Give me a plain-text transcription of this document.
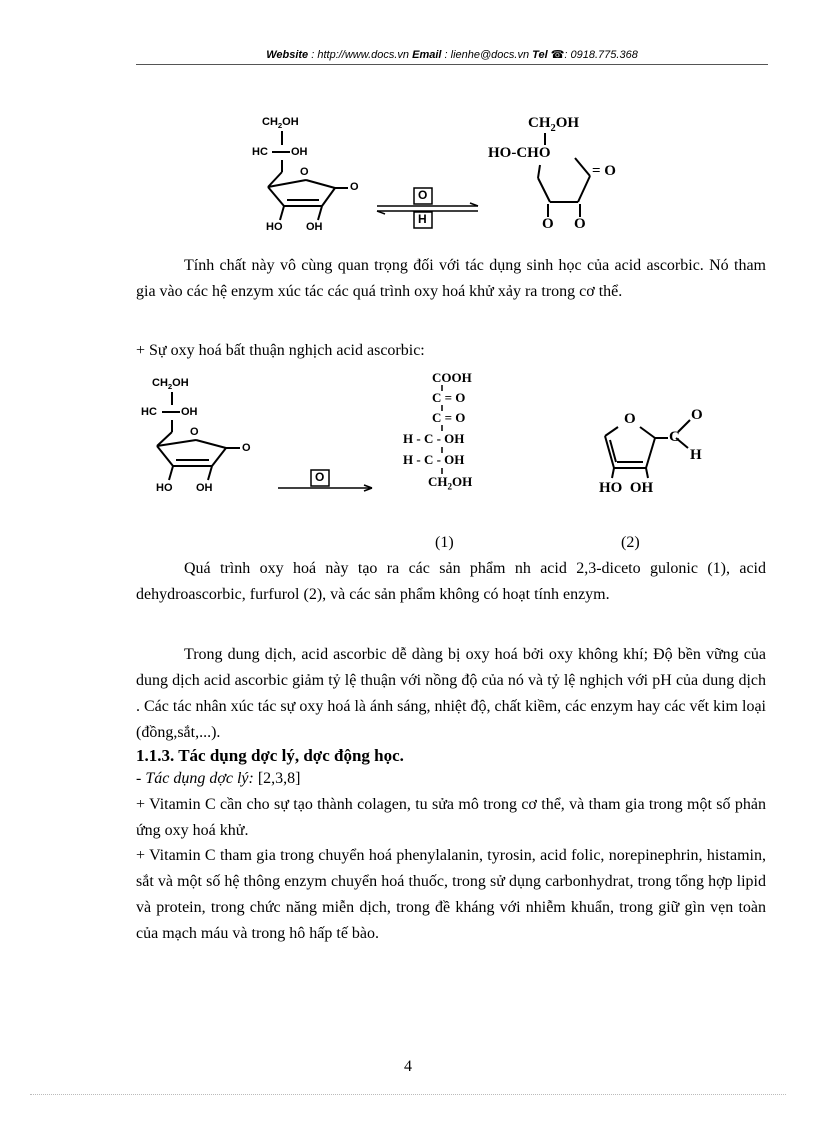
Website : http://www.docs.vn Email : lienhe@docs.vn Tel ☎: 0918.775.368
$CH_2OH$
HC OH
O
O
HO OH
O
H
$CH_2OH$
HO-CHO
= O
O O
Tính chất này vô cùng quan trọng đối với tác dụng sinh học của acid ascorbic. Nó tham gia vào các hệ enzym xúc tác các quá trình oxy hoá khử xảy ra trong cơ thể.
+ Sự oxy hoá bất thuận nghịch acid ascorbic:
$CH_2OH$
HC OH
O
O
HO OH
O
COOH
C = O
C = O
H - C - OH
H - C - OH
$CH_2OH$
O	O
C
H
HO  OH
(1)	(2)
Quá trình oxy hoá này tạo ra các sản phẩm nh acid 2,3-diceto gulonic (1), acid dehydroascorbic, furfurol (2), và các sản phẩm không có hoạt tính enzym.
Trong dung dịch, acid ascorbic dễ dàng bị oxy hoá bởi oxy không khí; Độ bền vững của dung dịch acid ascorbic giảm tỷ lệ thuận với nồng độ của nó và tỷ lệ nghịch với pH của dung dịch . Các tác nhân xúc tác sự oxy hoá là ánh sáng, nhiệt độ, chất kiềm, các enzym hay các vết kim loại (đồng,sắt,...).
1.1.3. Tác dụng dợc lý, dợc động học.
- Tác dụng dợc lý: [2,3,8]
+ Vitamin C cần cho sự tạo thành colagen, tu sửa mô trong cơ thể, và tham gia trong một số phản ứng oxy hoá khử.
+ Vitamin C tham gia trong chuyển hoá phenylalanin, tyrosin, acid folic, norepinephrin, histamin, sắt và một số hệ thông enzym chuyển hoá thuốc, trong sử dụng carbonhydrat, trong tổng hợp lipid và protein, trong chức năng miễn dịch, trong đề kháng với nhiễm khuẩn, trong giữ gìn vẹn toàn của mạch máu và trong hô hấp tế bào.
4
